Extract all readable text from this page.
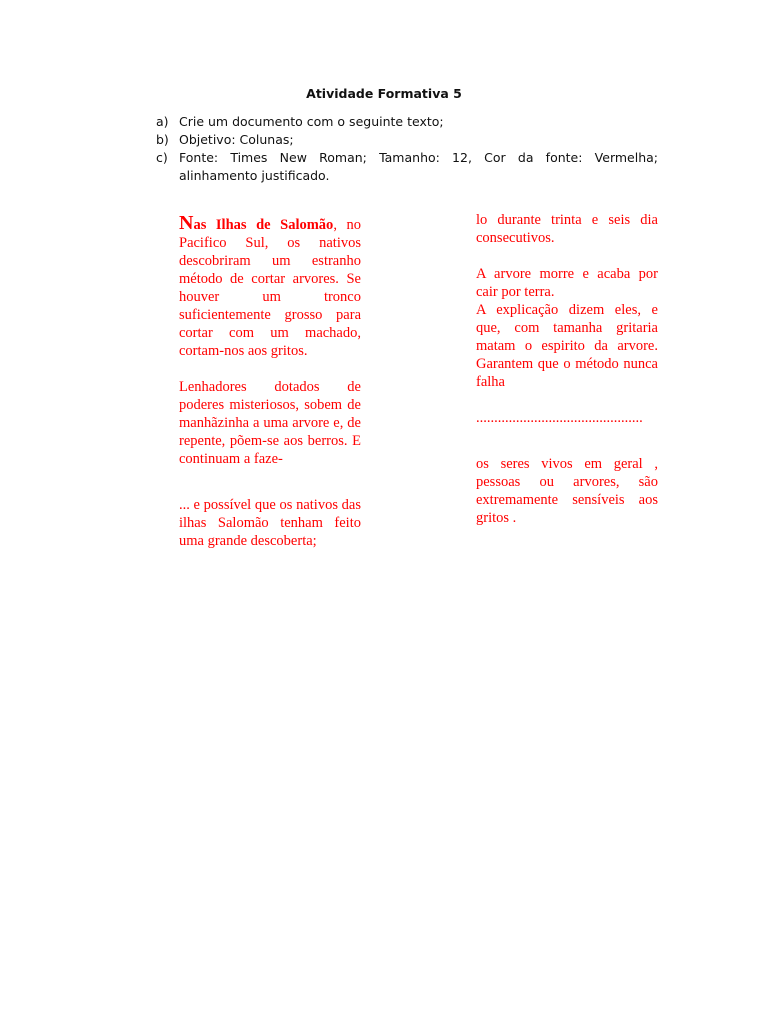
Atividade Formativa 5
a) Crie um documento com o seguinte texto;
b) Objetivo: Colunas;
c) Fonte: Times New Roman; Tamanho: 12, Cor da fonte: Vermelha; alinhamento justificado.

Nas Ilhas de Salomão, no Pacifico Sul, os nativos descobriram um estranho método de cortar arvores. Se houver um tronco suficientemente grosso para cortar com um machado, cortam-nos aos gritos.

Lenhadores dotados de poderes misteriosos, sobem de manhãzinha a uma arvore e, de repente, põem-se aos berros. E continuam a faze-

... e possível que os nativos das ilhas Salomão tenham feito uma grande descoberta;

lo durante trinta e seis dia consecutivos.

A arvore morre e acaba por cair por terra.

A explicação dizem eles, e que, com tamanha gritaria matam o espirito da arvore. Garantem que o método nunca falha

..............................................

os seres vivos em geral , pessoas ou arvores, são extremamente sensíveis aos gritos .
